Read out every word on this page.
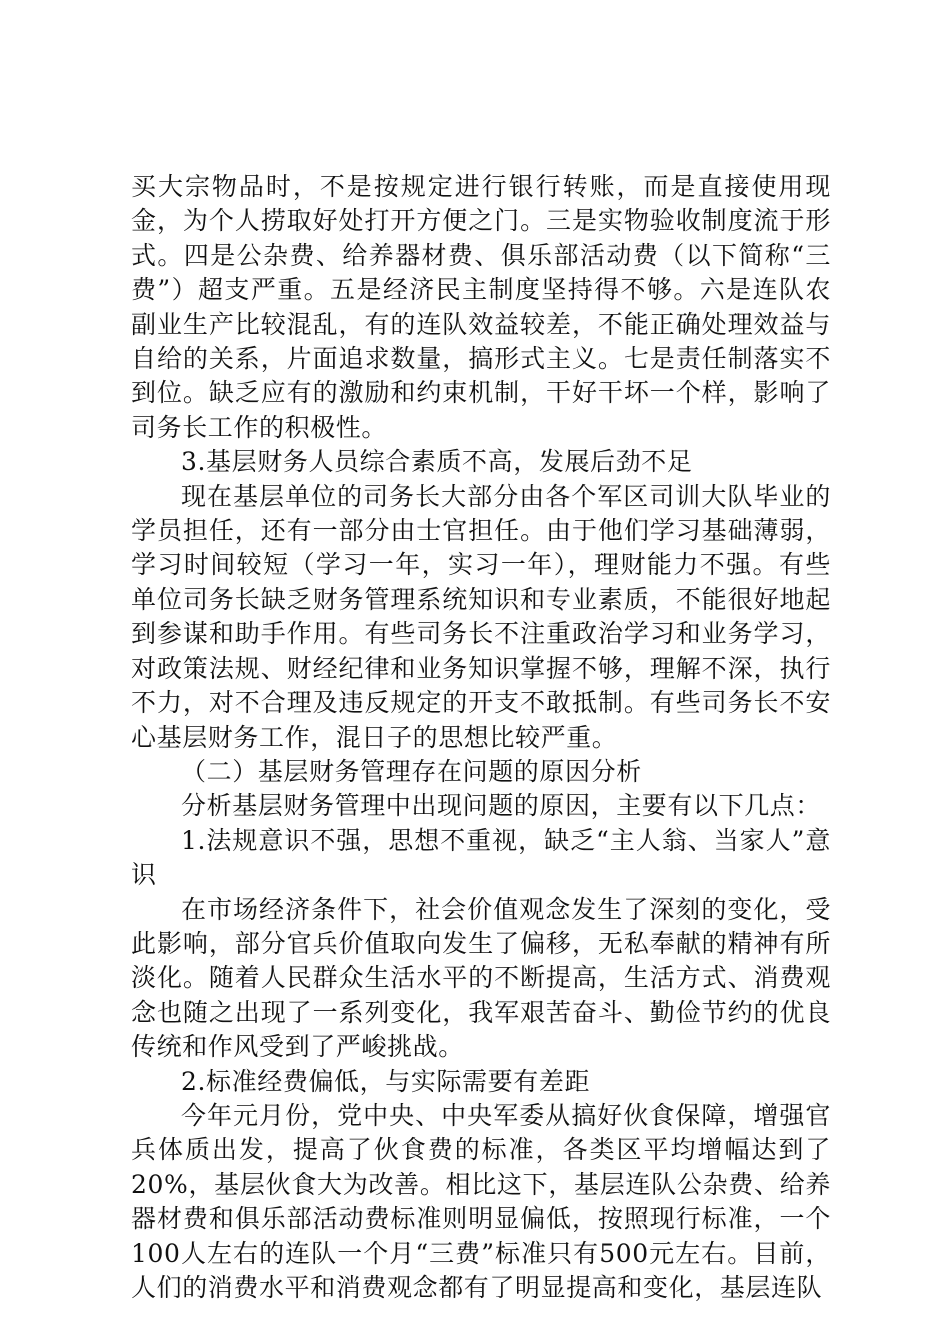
买大宗物品时，不是按规定进行银行转账，而是直接使用现金，为个人捞取好处打开方便之门。三是实物验收制度流于形式。四是公杂费、给养器材费、俱乐部活动费（以下简称“三费”）超支严重。五是经济民主制度坚持得不够。六是连队农副业生产比较混乱，有的连队效益较差，不能正确处理效益与自给的关系，片面追求数量，搞形式主义。七是责任制落实不到位。缺乏应有的激励和约束机制，干好干坏一个样，影响了司务长工作的积极性。

3.基层财务人员综合素质不高，发展后劲不足

现在基层单位的司务长大部分由各个军区司训大队毕业的学员担任，还有一部分由士官担任。由于他们学习基础薄弱，学习时间较短（学习一年，实习一年），理财能力不强。有些单位司务长缺乏财务管理系统知识和专业素质，不能很好地起到参谋和助手作用。有些司务长不注重政治学习和业务学习，对政策法规、财经纪律和业务知识掌握不够，理解不深，执行不力，对不合理及违反规定的开支不敢抵制。有些司务长不安心基层财务工作，混日子的思想比较严重。

（二）基层财务管理存在问题的原因分析

分析基层财务管理中出现问题的原因，主要有以下几点：

1.法规意识不强，思想不重视，缺乏“主人翁、当家人”意识

在市场经济条件下，社会价值观念发生了深刻的变化，受此影响，部分官兵价值取向发生了偏移，无私奉献的精神有所淡化。随着人民群众生活水平的不断提高，生活方式、消费观念也随之出现了一系列变化，我军艰苦奋斗、勤俭节约的优良传统和作风受到了严峻挑战。

2.标准经费偏低，与实际需要有差距

今年元月份，党中央、中央军委从搞好伙食保障，增强官兵体质出发，提高了伙食费的标准，各类区平均增幅达到了20%，基层伙食大为改善。相比这下，基层连队公杂费、给养器材费和俱乐部活动费标准则明显偏低，按照现行标准，一个100人左右的连队一个月“三费”标准只有500元左右。目前，人们的消费水平和消费观念都有了明显提高和变化，基层连队
